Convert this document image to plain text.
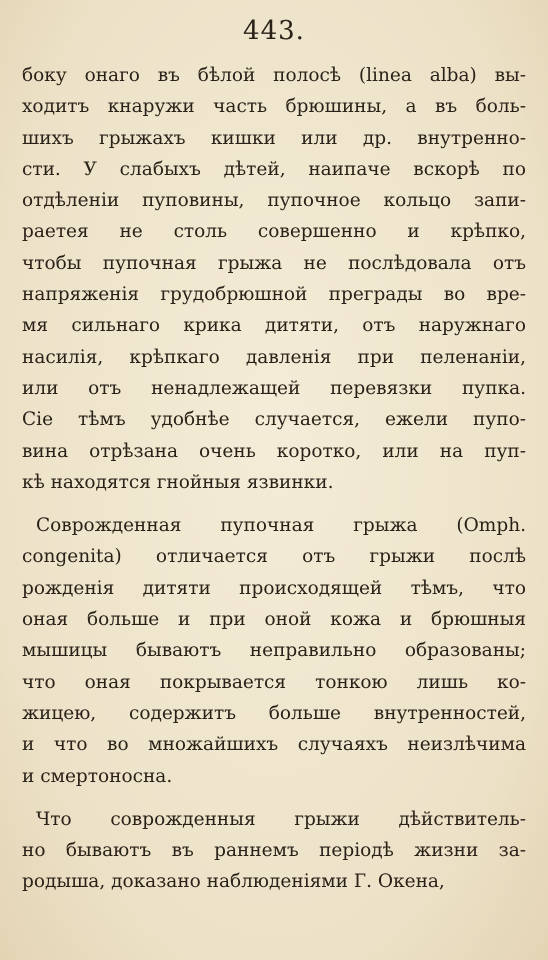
443.
боку онаго въ бѣлой полосѣ (linea alba) вы-
ходитъ кнаружи часть брюшины, а въ боль-
шихъ грыжахъ кишки или др. внутренно-
сти. У слабыхъ дѣтей, наипаче вскорѣ по
отдѣленіи пуповины, пупочное кольцо запи-
раетея не столь совершенно и крѣпко,
чтобы пупочная грыжа не послѣдовала отъ
напряженія грудобрюшной преграды во вре-
мя сильнаго крика дитяти, отъ наружнаго
насилія, крѣпкаго давленія при пеленаніи,
или отъ ненадлежащей перевязки пупка.
Сіе тѣмъ удобнѣе случается, ежели пупо-
вина отрѣзана очень коротко, или на пуп-
кѣ находятся гнойныя язвинки.
Соврожденная пупочная грыжа (Omph.
congenita) отличается отъ грыжи послѣ
рожденія дитяти происходящей тѣмъ, что
оная больше и при оной кожа и брюшныя
мышицы бываютъ неправильно образованы;
что оная покрывается тонкою лишь ко-
жицею, содержитъ больше внутренностей,
и что во множайшихъ случаяхъ неизлѣчима
и смертоносна.
Что соврожденныя грыжи дѣйствитель-
но бываютъ въ раннемъ періодѣ жизни за-
родыша, доказано наблюденіями Г. Окена,
